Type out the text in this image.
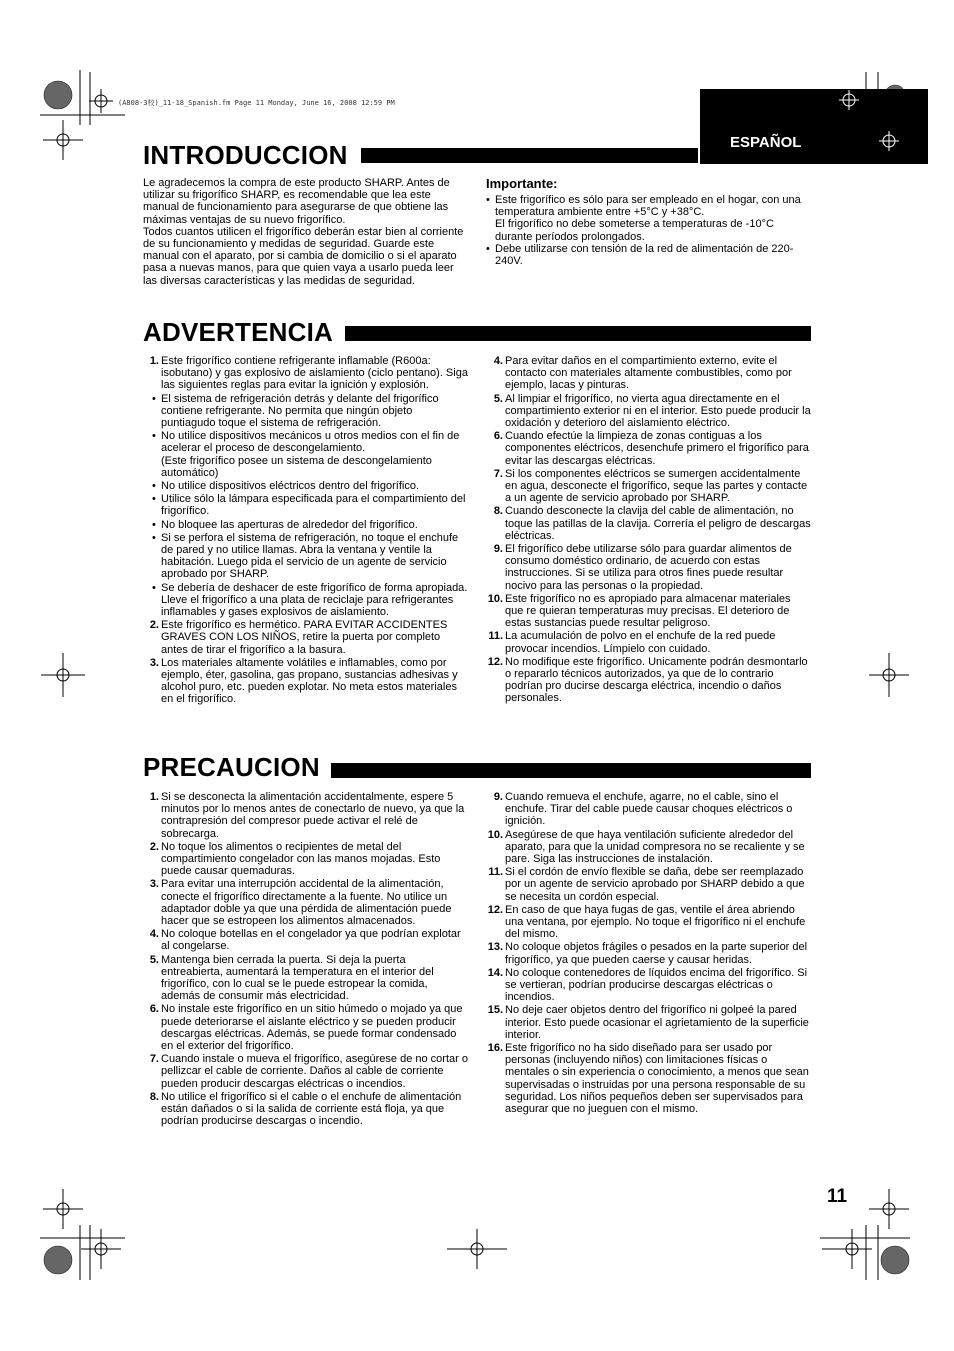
(A808-3校)_11-18_Spanish.fm Page 11 Monday, June 16, 2008 12:59 PM
ESPAÑOL
INTRODUCCION
Le agradecemos la compra de este producto SHARP. Antes de utilizar su frigorífico SHARP, es recomendable que lea este manual de funcionamiento para asegurarse de que obtiene las máximas ventajas de su nuevo frigorífico.
Todos cuantos utilicen el frigorífico deberán estar bien al corriente de su funcionamiento y medidas de seguridad. Guarde este manual con el aparato, por si cambia de domicilio o si el aparato pasa a nuevas manos, para que quien vaya a usarlo pueda leer las diversas características y las medidas de seguridad.
Importante:
• Este frigorífico es sólo para ser empleado en el hogar, con una temperatura ambiente entre +5°C y +38°C.
El frigorífico no debe someterse a temperaturas de -10°C durante períodos prolongados.
• Debe utilizarse con tensión de la red de alimentación de 220- 240V.
ADVERTENCIA
1. Este frigorífico contiene refrigerante inflamable (R600a: isobutano) y gas explosivo de aislamiento (ciclo pentano). Siga las siguientes reglas para evitar la ignición y explosión.
• El sistema de refrigeración detrás y delante del frigorífico contiene refrigerante. No permita que ningún objeto puntiagudo toque el sistema de refrigeración.
• No utilice dispositivos mecánicos u otros medios con el fin de acelerar el proceso de descongelamiento.
(Este frigorífico posee un sistema de descongelamiento automático)
• No utilice dispositivos eléctricos dentro del frigorífico.
• Utilice sólo la lámpara especificada para el compartimiento del frigorífico.
• No bloquee las aperturas de alrededor del frigorífico.
• Si se perfora el sistema de refrigeración, no toque el enchufe de pared y no utilice llamas. Abra la ventana y ventile la habitación. Luego pida el servicio de un agente de servicio aprobado por SHARP.
• Se debería de deshacer de este frigorífico de forma apropiada. Lleve el frigorífico a una plata de reciclaje para refrigerantes inflamables y gases explosivos de aislamiento.
2. Este frigorífico es hermético. PARA EVITAR ACCIDENTES GRAVES CON LOS NIÑOS, retire la puerta por completo antes de tirar el frigorífico a la basura.
3. Los materiales altamente volátiles e inflamables, como por ejemplo, éter, gasolina, gas propano, sustancias adhesivas y alcohol puro, etc. pueden explotar. No meta estos materiales en el frigorífico.
4. Para evitar daños en el compartimiento externo, evite el contacto con materiales altamente combustibles, como por ejemplo, lacas y pinturas.
5. Al limpiar el frigorífico, no vierta agua directamente en el compartimiento exterior ni en el interior. Esto puede producir la oxidación y deterioro del aislamiento eléctrico.
6. Cuando efectúe la limpieza de zonas contiguas a los componentes eléctricos, desenchufe primero el frigorífico para evitar las descargas eléctricas.
7. Si los componentes eléctricos se sumergen accidentalmente en agua, desconecte el frigorífico, seque las partes y contacte a un agente de servicio aprobado por SHARP.
8. Cuando desconecte la clavija del cable de alimentación, no toque las patillas de la clavija. Correría el peligro de descargas eléctricas.
9. El frigorífico debe utilizarse sólo para guardar alimentos de consumo doméstico ordinario, de acuerdo con estas instrucciones. Si se utiliza para otros fines puede resultar nocivo para las personas o la propiedad.
10. Este frigorífico no es apropiado para almacenar materiales que re quieran temperaturas muy precisas. El deterioro de estas sustancias puede resultar peligroso.
11. La acumulación de polvo en el enchufe de la red puede provocar incendios. Límpielo con cuidado.
12. No modifique este frigorífico. Unicamente podrán desmontarlo o repararlo técnicos autorizados, ya que de lo contrario podrían pro ducirse descarga eléctrica, incendio o daños personales.
PRECAUCION
1. Si se desconecta la alimentación accidentalmente, espere 5 minutos por lo menos antes de conectarlo de nuevo, ya que la contrapresión del compresor puede activar el relé de sobrecarga.
2. No toque los alimentos o recipientes de metal del compartimiento congelador con las manos mojadas. Esto puede causar quemaduras.
3. Para evitar una interrupción accidental de la alimentación, conecte el frigorífico directamente a la fuente. No utilice un adaptador doble ya que una pérdida de alimentación puede hacer que se estropeen los alimentos almacenados.
4. No coloque botellas en el congelador ya que podrían explotar al congelarse.
5. Mantenga bien cerrada la puerta. Si deja la puerta entreabierta, aumentará la temperatura en el interior del frigorífico, con lo cual se le puede estropear la comida, además de consumir más electricidad.
6. No instale este frigorífico en un sitio húmedo o mojado ya que puede deteriorarse el aislante eléctrico y se pueden producir descargas eléctricas. Además, se puede formar condensado en el exterior del frigorífico.
7. Cuando instale o mueva el frigorífico, asegúrese de no cortar o pellizcar el cable de corriente. Daños al cable de corriente pueden producir descargas eléctricas o incendios.
8. No utilice el frigorífico si el cable o el enchufe de alimentación están dañados o si la salida de corriente está floja, ya que podrían producirse descargas o incendio.
9. Cuando remueva el enchufe, agarre, no el cable, sino el enchufe. Tirar del cable puede causar choques eléctricos o ignición.
10. Asegúrese de que haya ventilación suficiente alrededor del aparato, para que la unidad compresora no se recaliente y se pare. Siga las instrucciones de instalación.
11. Si el cordón de envío flexible se daña, debe ser reemplazado por un agente de servicio aprobado por SHARP debido a que se necesita un cordón especial.
12. En caso de que haya fugas de gas, ventile el área abriendo una ventana, por ejemplo. No toque el frigorífico ni el enchufe del mismo.
13. No coloque objetos frágiles o pesados en la parte superior del frigorífico, ya que pueden caerse y causar heridas.
14. No coloque contenedores de líquidos encima del frigorífico. Si se vertieran, podrían producirse descargas eléctricas o incendios.
15. No deje caer objetos dentro del frigorífico ni golpeé la pared interior. Esto puede ocasionar el agrietamiento de la superficie interior.
16. Este frigorífico no ha sido diseñado para ser usado por personas (incluyendo niños) con limitaciones físicas o mentales o sin experiencia o conocimiento, a menos que sean supervisadas o instruidas por una persona responsable de su seguridad. Los niños pequeños deben ser supervisados para asegurar que no jueguen con el mismo.
11
